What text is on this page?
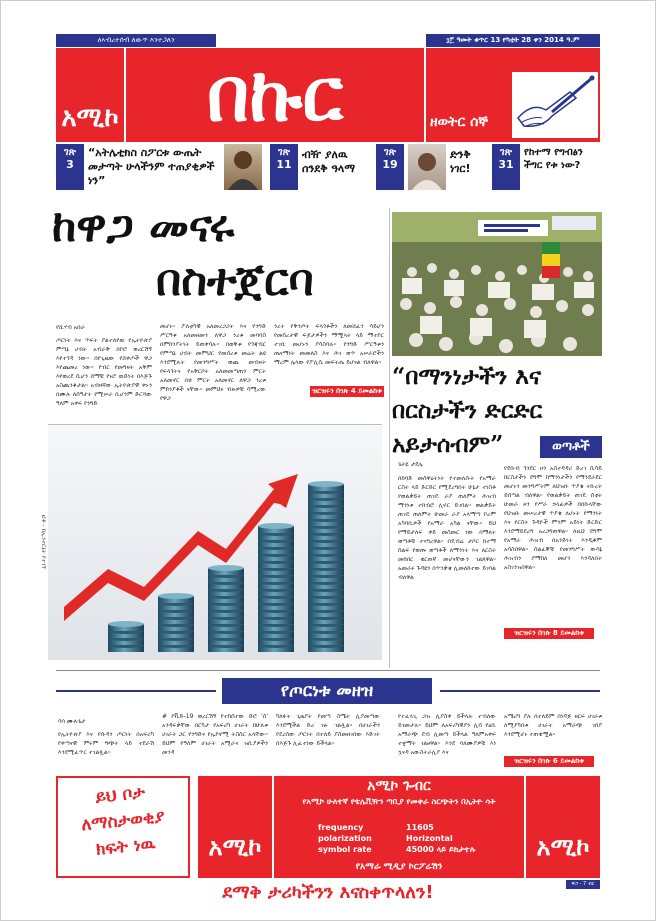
ለኣብረተሰብ ለውጥ እንተጋለን	፲፫ ዓመት ቁጥር 13 የካቲት 28 ቀን 2014 ዓ.ም
አሚኮ	በኩር	ዘወትር ሰኞ
ገጽ
3
“አትሌቲክስ ስፖርቱ ውጤት መታጣት ሁላችንም ተጠያቂዎች ነን”
ገጽ
11
ብዥ ያለዉ ሰንደቅ ዓላማ
ገጽ
19
ድንቅ ነገር!
ገጽ
31
የከተማ የግብፅን ችግር የቱ ነው?
ከዋጋ መናሩ
በስተጀርባ
የሺሃብ አበራ
ጦርነት እና ጥፍት ያልተለየዉ የኢትዮጵያ ምጣኔ ሀብት አብራቅ በኮሮ ወረርሽኝ እየተጎዳ ነው። በየጊዜው የሸቀጦች ዋጋ እየጨመረ ነው። የብር የመግዛት አቅም እየወረደ ሲሆን ሸማቹ የኑሮ ዉድነት በእጅጉ አስጨንቆታል። አብዛኛው ኢትዮጵያዊ ቀኑን በሙሉ ለሰዓታት የሚሠራ ቢሆንም ድርሻው ዓለም አቀፍ የንግድ
መሆኑ። ፖለቲካዊ አለመረጋጋት እና የንግድ ሥርዓቱ አለመዘመን ለዋጋ ንረቱ መባባስ በምክንያትነት ይጠቀሳሉ። በወቅቱ የጎጃብር የምጣኔ ሀብት መምህር የመሰረቱ መሬት ልዩ እንደሚሉት የመንግሥት ወጪ መብዛት የፍላጎትና የአቅርቦት አለመመጣጠን ምርት አለመኖር በቂ ምርት አለመኖር ለዋጋ ንረቱ ምክንያቶች ናቸው። መምህሩ ብዙዎቹ ሳሚረው የዋጋ
ንረት የቅንጦት ፍላጎቶችን ለመሸፈን ሳይሆን የመሰረታዊ ፍጆታዎችን ማሟላት ላይ ማተኮር ተገቢ መሆኑን ያሳስባሉ። የንግድ ሥርዓቱን ጤናማነት መመለስ እና ሕገ ወጥ አሠራሮችን ማረም ሌላው የፖሊሲ መፍትሔ ይሆናል ብለዋል።
ዝርዝሩን በገጽ 4 ይመልከቱ
“በማንነታችን እና በርስታችን ድርድር አይታሰብም”	ወጣቶች
ጌትዬ ታደሌ
በከባድ መስዋዕትነት የተመለሱት የአማራ ርስት ላይ ድርድር የሚደረግበት ሁኔታ ተነስቶ የወልቃይት ጠገዴ ራያ ጠለምት ሕዝብ ማንነቱ ተከብሮ ሊኖር ይገባል። ወልቃይት ጠገዴ ጠለምት ሁመራ ራያ አላማጣ ኮረም አካባቢዎች የአማራ አካል ናቸው። ይህ የማይታለፍ ቀይ መስመር ነው በማለት ወጣቶቹ ተናግረዋል። በዴብሬ ታቦር ከተማ ሰልፍ የወጡ ወጣቶች ለማንነት እና ለርስት መከበር ቁርጠኛ መሆናቸውን ገልጸዋል። አመራሩ ጉዳዩን በጥንቃቄ ሊመለከተው ይገባል ብለዋል
የደቡብ ጎንደር ዞን አስተዳዳሪ ድረገ ሲሳይ ከርስታችን ደግሞ ከማንነታችን የማንደራደር መሆኑን መንግሥትም ለህዝቡ ጥያቄ ትኩረት ይሰጣል ብለዋል። የወልቃይት ጠገዴ ሰቲት ሁመራ ዞን የሥራ ኃላፊዎች በበኩላቸው የህዝቡ መሠረታዊ ጥያቄ ለሆኑት የማንነት እና የርስት ጉዳዮች ምንም አይነት ድርድር እንደማይደረግ አረጋግጠዋል። ለዚህ ደግሞ የአማራ ሕዝብ በአንድነት እንዲቆም አሳስበዋል። ሰልፈኞቹ የመንግሥት ውሳኔ ሕዝብን ያማከለ መሆን እንዳለበት አስገንዝበዋል።
ዝርዝሩን በገጽ 8 ይመልከቱ
ፎቶ - ከኢንተርኔት የተገኘ
የጦርነቱ መዘዝ
ሳባ ሙሉጌታ
የኢትዮጵያ እና የሱዳን ጦርነት በአፍሪካ የቀጣናዊ ምሩም ግጭት ላይ ተደራሽ እንደሚፈጥር ተገልጿል።
# ኮቪድ-19 ወረርሽኝ የተከሰተው ድሮ 'ሰ' አንዳፍቃቸው በርካታ የአፍሪካ ሀገራት ከሁለቱ ሀገራት ጋር የንግድና የኢኮኖሚ ትስስር አላቸው። ይህም የዓለም ሀገራት አሚራና ዝቢያዎችን መንዳ
ካለፉት ጊዜያት የመጣ ስሜት ሊያመጣው እንደሚችል ድረ ገፁ ገልጿል። በሀገራችን የደረሰው ጦርነት በተለይ ያስመዘገበው እድገት በእጅጉ ሊፈተነው ይችላል።
የተፈላጊ ጋዝ ሊያስቀ ይችላሉ ተብለው ይገመታሉ። ይህም ለአፍሪካዊያን ሊሰ የዕቢ አማራጭ ደብ ሊመጣ ይችላል ዓለምአቀፍ ተቋማት ገልፀዋል። እንደ ባለሙያዎቹ እነ ኳናዳ አውስትራሊያ እና
አሜሪካ ያሉ በተለይም በነዳጅ ዘርፍ ሀገራቱ ለሚያካበቱ ሀገራት አማራጭ ገበያ እንደሚሆኑ ተጠቁሟል።
ዝርዝሩን በገጽ 6 ይመልከቱ
ይህ ቦታ ለማስታወቂያ ክፍት ነዉ	አሚኮ
አሚኮ ጉብር
የአሚኮ ሁለተኛ የቴሌቪዥን ጣቢያ የመቀራ ስርጭትን በኢትዮ ሳት
frequency	11605
polarization	Horizontal
symbol rate	45000 ላይ ይከታተሉ
የአማራ ሚዲያ ኮርፖሬሽን
አሚኮ
ደማቅ ታሪካችንን እናስቀጥላለን!	ዋጋ - 7 ብር
